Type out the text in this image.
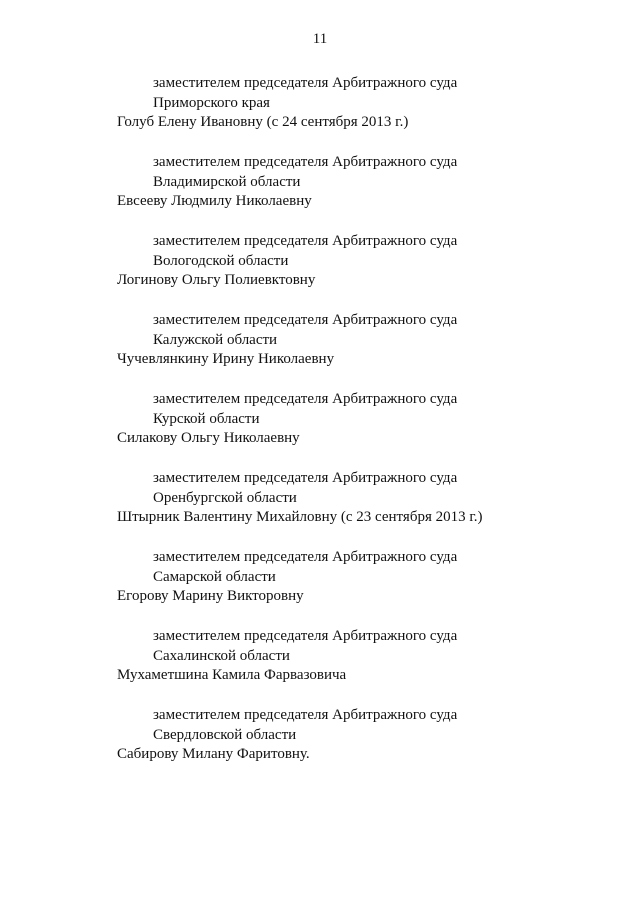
11
заместителем председателя Арбитражного суда
Приморского края
Голуб Елену Ивановну (с 24 сентября 2013 г.)
заместителем председателя Арбитражного суда
Владимирской области
Евсееву Людмилу Николаевну
заместителем председателя Арбитражного суда
Вологодской области
Логинову Ольгу Полиевктовну
заместителем председателя Арбитражного суда
Калужской области
Чучевлянкину Ирину Николаевну
заместителем председателя Арбитражного суда
Курской области
Силакову Ольгу Николаевну
заместителем председателя Арбитражного суда
Оренбургской области
Штырник Валентину Михайловну (с 23 сентября 2013 г.)
заместителем председателя Арбитражного суда
Самарской области
Егорову Марину Викторовну
заместителем председателя Арбитражного суда
Сахалинской области
Мухаметшина Камила Фарвазовича
заместителем председателя Арбитражного суда
Свердловской области
Сабирову Милану Фаритовну.
